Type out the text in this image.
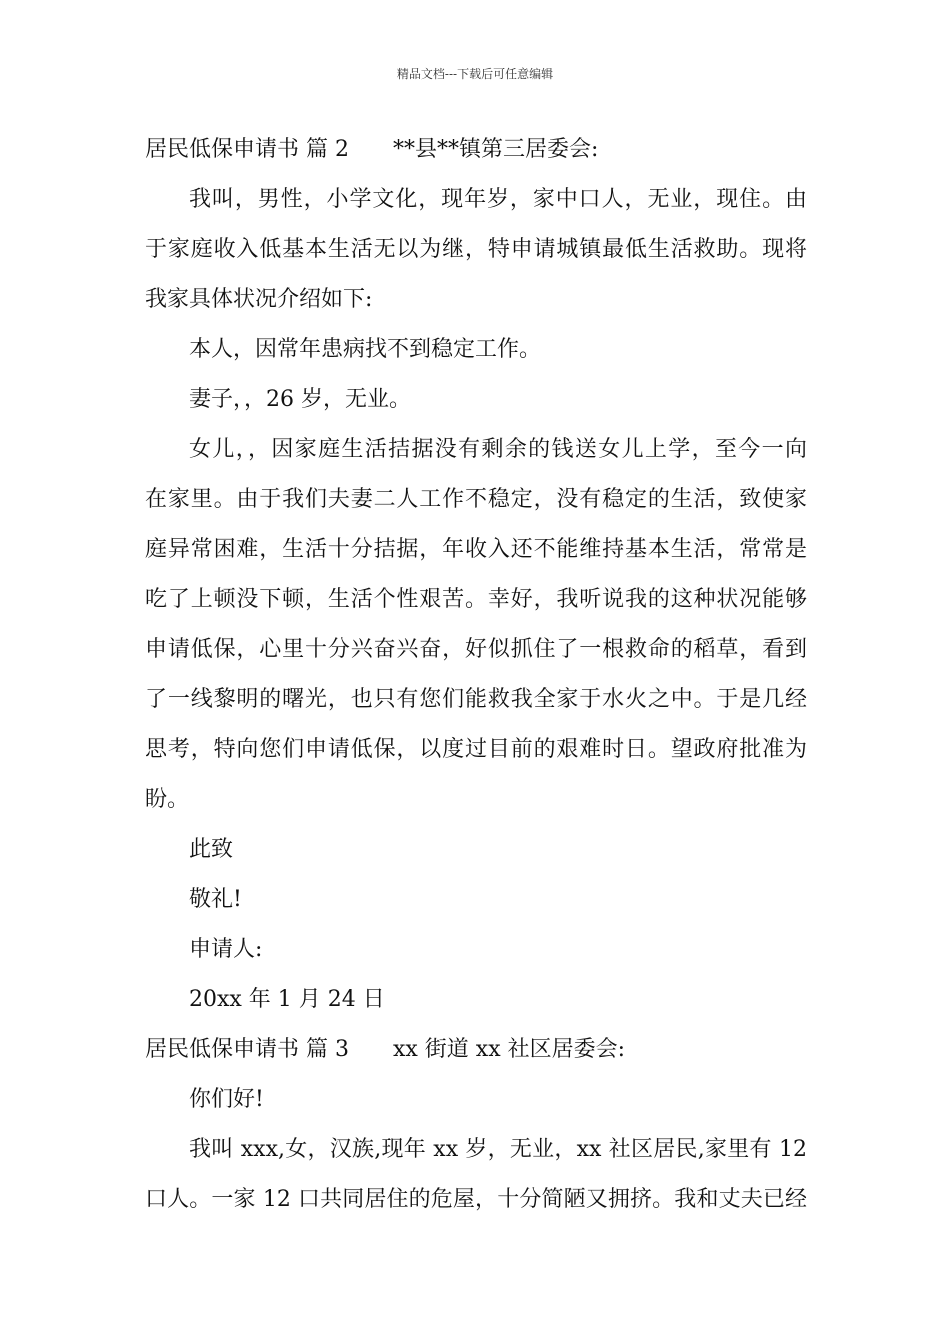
精品文档---下载后可任意编辑
居民低保申请书 篇 2 **县**镇第三居委会:
我叫，男性，小学文化，现年岁，家中口人，无业，现住。由
于家庭收入低基本生活无以为继，特申请城镇最低生活救助。现将
我家具体状况介绍如下:
本人，因常年患病找不到稳定工作。
妻子，，26 岁，无业。
女儿，，因家庭生活拮据没有剩余的钱送女儿上学，至今一向
在家里。由于我们夫妻二人工作不稳定，没有稳定的生活，致使家
庭异常困难，生活十分拮据，年收入还不能维持基本生活，常常是
吃了上顿没下顿，生活个性艰苦。幸好，我听说我的这种状况能够
申请低保，心里十分兴奋兴奋，好似抓住了一根救命的稻草，看到
了一线黎明的曙光，也只有您们能救我全家于水火之中。于是几经
思考，特向您们申请低保，以度过目前的艰难时日。望政府批准为
盼。
此致
敬礼!
申请人:
20xx 年 1 月 24 日
居民低保申请书 篇 3 xx 街道 xx 社区居委会:
你们好!
我叫 xxx,女，汉族,现年 xx 岁，无业，xx 社区居民,家里有 12
口人。一家 12 口共同居住的危屋，十分简陋又拥挤。我和丈夫已经
